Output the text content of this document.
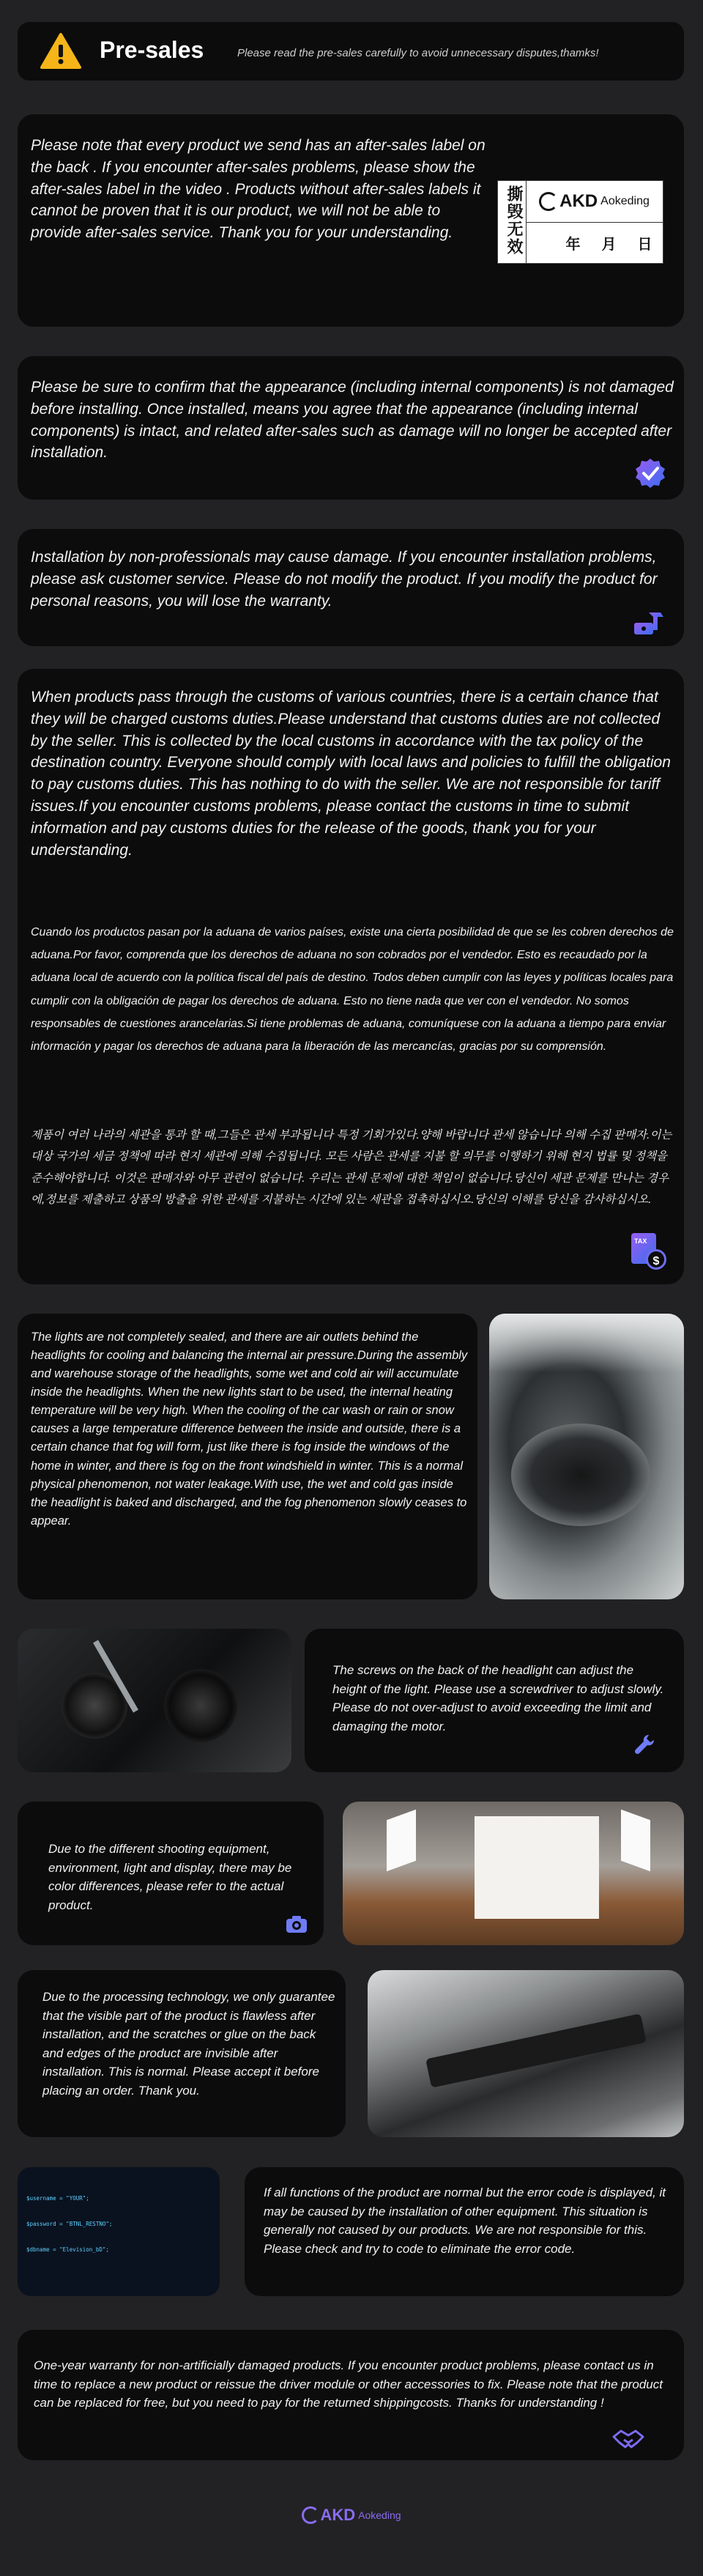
Pre-sales	Please read the pre-sales carefully to avoid unnecessary disputes,thamks!
Please note that every product we send has an after-sales label on the back . If you encounter after-sales problems, please show the after-sales label in the video . Products without after-sales labels it cannot be proven that it is our product, we will not be able to provide after-sales service. Thank you for your understanding.	撕毁无效	AKD Aokeding
年 月 日
Please be sure to confirm that the appearance (including internal components) is not damaged before installing. Once installed, means you agree that the appearance (including internal components) is intact, and related after-sales such as damage will no longer be accepted after installation.
Installation by non-professionals may cause damage. If you encounter installation problems, please ask customer service. Please do not modify the product. If you modify the product for personal reasons, you will lose the warranty.
When products pass through the customs of various countries, there is a certain chance that they will be charged customs duties.Please understand that customs duties are not collected by the seller. This is collected by the local customs in accordance with the tax policy of the destination country. Everyone should comply with local laws and policies to fulfill the obligation to pay customs duties. This has nothing to do with the seller. We are not responsible for tariff issues.If you encounter customs problems, please contact the customs in time to submit information and pay customs duties for the release of the goods, thank you for your understanding.
Cuando los productos pasan por la aduana de varios países, existe una cierta posibilidad de que se les cobren derechos de aduana.Por favor, comprenda que los derechos de aduana no son cobrados por el vendedor. Esto es recaudado por la aduana local de acuerdo con la política fiscal del país de destino. Todos deben cumplir con las leyes y políticas locales para cumplir con la obligación de pagar los derechos de aduana. Esto no tiene nada que ver con el vendedor. No somos responsables de cuestiones arancelarias.Si tiene problemas de aduana, comuníquese con la aduana a tiempo para enviar información y pagar los derechos de aduana para la liberación de las mercancías, gracias por su comprensión.
제품이 여러 나라의 세관을 통과 할 때,그들은 관세 부과됩니다 특정 기회가있다.양해 바랍니다 관세 않습니다 의해 수집 판매자.이는 대상 국가의 세금 정책에 따라 현지 세관에 의해 수집됩니다. 모든 사람은 관세를 지불 할 의무를 이행하기 위해 현지 법률 및 정책을 준수해야합니다. 이것은 판매자와 아무 관련이 없습니다. 우리는 관세 문제에 대한 책임이 없습니다.당신이 세관 문제를 만나는 경우에,정보를 제출하고 상품의 방출을 위한 관세를 지불하는 시간에 있는 세관을 접촉하십시오.당신의 이해를 당신을 감사하십시오.
TAX
$
The lights are not completely sealed, and there are air outlets behind the headlights for cooling and balancing the internal air pressure.During the assembly and warehouse storage of the headlights, some wet and cold air will accumulate inside the headlights. When the new lights start to be used, the internal heating temperature will be very high. When the cooling of the car wash or rain or snow causes a large temperature difference between the inside and outside, there is a certain chance that fog will form, just like there is fog inside the windows of the home in winter, and there is fog on the front windshield in winter. This is a normal physical phenomenon, not water leakage.With use, the wet and cold gas inside the headlight is baked and discharged, and the fog phenomenon slowly ceases to appear.
The screws on the back of the headlight can adjust the height of the light. Please use a screwdriver to adjust slowly. Please do not over-adjust to avoid exceeding the limit and damaging the motor.
Due to the different shooting equipment, environment, light and display, there may be color differences, please refer to the actual product.
Due to the processing technology, we only guarantee that the visible part of the product is flawless after installation, and the scratches or glue on the back and edges of the product are invisible after installation. This is normal. Please accept it before placing an order. Thank you.

$username = "YOUR";

$password = "BTNL_RESTNO";

$dbname = "Elevision_bD";

If all functions of the product are normal but the error code is displayed, it may be caused by the installation of other equipment. This situation is generally not caused by our products. We are not responsible for this. Please check and try to code to eliminate the error code.
One-year warranty for non-artificially damaged products. If you encounter product problems, please contact us in time to replace a new product or reissue the driver module or other accessories to fix. Please note that the product can be replaced for free, but you need to pay for the returned shippingcosts. Thanks for understanding !
AKD Aokeding
